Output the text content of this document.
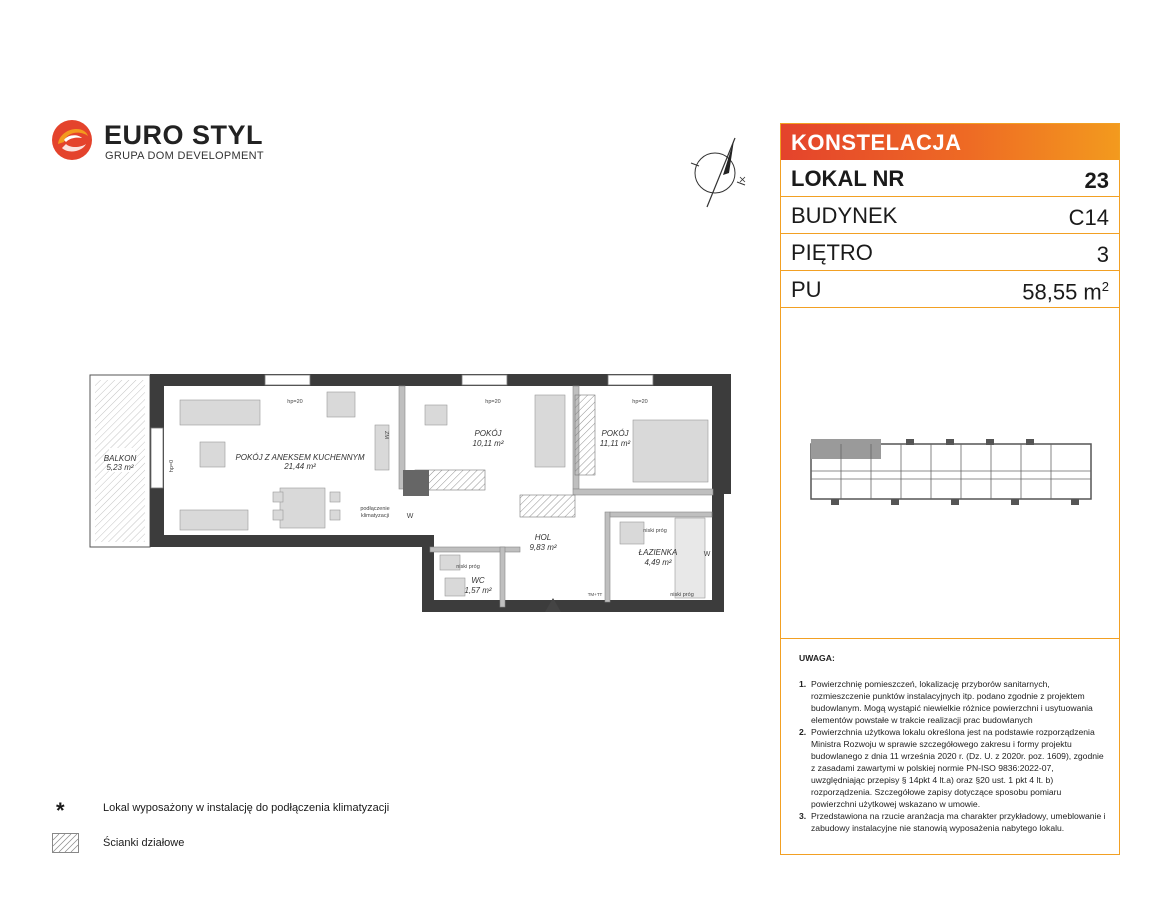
EURO STYL
GRUPA DOM DEVELOPMENT
BALKON
5,23 m²
POKÓJ Z ANEKSEM KUCHENNYM
21,44 m²
POKÓJ
10,11 m²
POKÓJ
11,11 m²
HOL
9,83 m²
ŁAZIENKA
4,49 m²
WC
1,57 m²
hp=20	hp=20	hp=20
hp=0
ZM
podłączenie
klimatyzacji	W
W
niski próg
niski próg
niski próg
TM+TT
KONSTELACJA
LOKAL NR	23
BUDYNEK	C14
PIĘTRO	3
PU	58,55 $m^2$
UWAGA:
1. Powierzchnię pomieszczeń, lokalizację przyborów sanitarnych, rozmieszczenie punktów instalacyjnych itp. podano zgodnie z projektem budowlanym. Mogą wystąpić niewielkie różnice powierzchni i usytuowania elementów powstałe w trakcie realizacji prac budowlanych
2. Powierzchnia użytkowa lokalu określona jest na podstawie rozporządzenia Ministra Rozwoju w sprawie szczegółowego zakresu i formy projektu budowlanego z dnia 11 września 2020 r. (Dz. U. z 2020r. poz. 1609), zgodnie z zasadami zawartymi w polskiej normie PN-ISO 9836:2022-07, uwzględniając przepisy § 14pkt 4 lt.a) oraz §20 ust. 1 pkt 4 lt. b) rozporządzenia. Szczegółowe zapisy dotyczące sposobu pomiaru powierzchni użytkowej wskazano w umowie.
3. Przedstawiona na rzucie aranżacja ma charakter przykładowy, umeblowanie i zabudowy instalacyjne nie stanowią wyposażenia nabytego lokalu.
*	Lokal wyposażony w instalację do podłączenia klimatyzacji
Ścianki działowe
